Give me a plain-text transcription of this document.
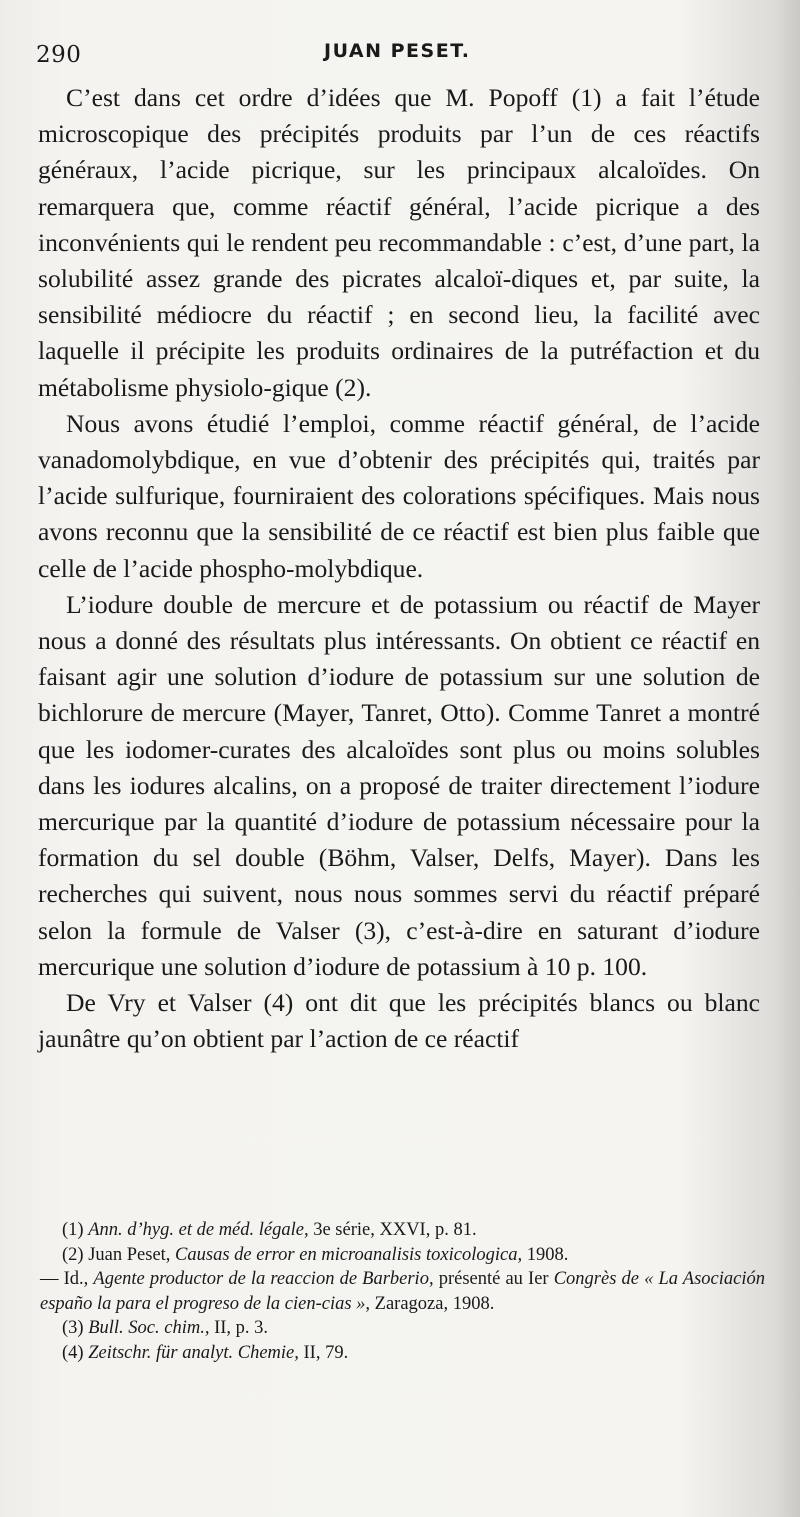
290	JUAN PESET.

C’est dans cet ordre d’idées que M. Popoff (1) a fait l’étude microscopique des précipités produits par l’un de ces réactifs généraux, l’acide picrique, sur les principaux alcaloïdes. On remarquera que, comme réactif général, l’acide picrique a des inconvénients qui le rendent peu recommandable : c’est, d’une part, la solubilité assez grande des picrates alcaloï-diques et, par suite, la sensibilité médiocre du réactif ; en second lieu, la facilité avec laquelle il précipite les produits ordinaires de la putréfaction et du métabolisme physiolo-gique (2).

Nous avons étudié l’emploi, comme réactif général, de l’acide vanadomolybdique, en vue d’obtenir des précipités qui, traités par l’acide sulfurique, fourniraient des colorations spécifiques. Mais nous avons reconnu que la sensibilité de ce réactif est bien plus faible que celle de l’acide phospho-molybdique.

L’iodure double de mercure et de potassium ou réactif de Mayer nous a donné des résultats plus intéressants. On obtient ce réactif en faisant agir une solution d’iodure de potassium sur une solution de bichlorure de mercure (Mayer, Tanret, Otto). Comme Tanret a montré que les iodomer-curates des alcaloïdes sont plus ou moins solubles dans les iodures alcalins, on a proposé de traiter directement l’iodure mercurique par la quantité d’iodure de potassium nécessaire pour la formation du sel double (Böhm, Valser, Delfs, Mayer). Dans les recherches qui suivent, nous nous sommes servi du réactif préparé selon la formule de Valser (3), c’est-à-dire en saturant d’iodure mercurique une solution d’iodure de potassium à 10 p. 100.

De Vry et Valser (4) ont dit que les précipités blancs ou blanc jaunâtre qu’on obtient par l’action de ce réactif

(1) Ann. d’hyg. et de méd. légale, 3e série, XXVI, p. 81.

(2) Juan Peset, Causas de error en microanalisis toxicologica, 1908.

— Id., Agente productor de la reaccion de Barberio, présenté au Ier Congrès de « La Asociación españo la para el progreso de la cien-cias », Zaragoza, 1908.

(3) Bull. Soc. chim., II, p. 3.

(4) Zeitschr. für analyt. Chemie, II, 79.
